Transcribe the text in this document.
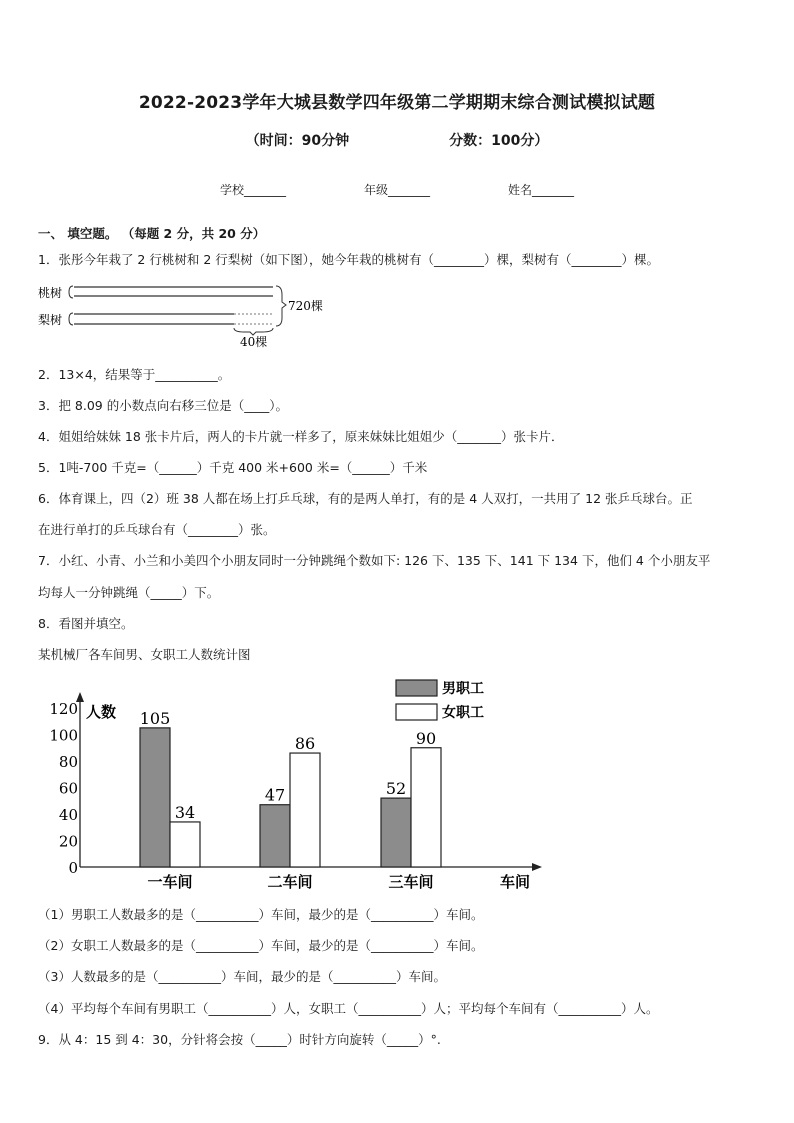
2022-2023学年大城县数学四年级第二学期期末综合测试模拟试题
（时间：90分钟	分数：100分）
学校_______	年级_______	姓名_______
一、 填空题。 （每题 2 分，共 20 分）
1．张彤今年栽了 2 行桃树和 2 行梨树（如下图），她今年栽的桃树有（________）棵，梨树有（________）棵。
桃树
梨树
720棵
40棵
2．13×4，结果等于__________。
3．把 8.09 的小数点向右移三位是（____）。
4．姐姐给妹妹 18 张卡片后，两人的卡片就一样多了，原来妹妹比姐姐少（_______）张卡片．
5．1吨-700 千克=（______）千克 400 米+600 米=（______）千米
6．体育课上，四（2）班 38 人都在场上打乒乓球，有的是两人单打，有的是 4 人双打，一共用了 12 张乒乓球台。正
在进行单打的乒乓球台有（________）张。
7．小红、小青、小兰和小美四个小朋友同时一分钟跳绳个数如下: 126 下、135 下、141 下 134 下，他们 4 个小朋友平
均每人一分钟跳绳（_____）下。
8．看图并填空。
某机械厂各车间男、女职工人数统计图
人数
车间
0
20
40
60
80
100
120
男职工
女职工
105
34
一车间
47
86
二车间
52
90
三车间
（1）男职工人数最多的是（__________）车间，最少的是（__________）车间。
（2）女职工人数最多的是（__________）车间，最少的是（__________）车间。
（3）人数最多的是（__________）车间，最少的是（__________）车间。
（4）平均每个车间有男职工（__________）人，女职工（__________）人；平均每个车间有（__________）人。
9．从 4：15 到 4：30，分针将会按（_____）时针方向旋转（_____）°.
